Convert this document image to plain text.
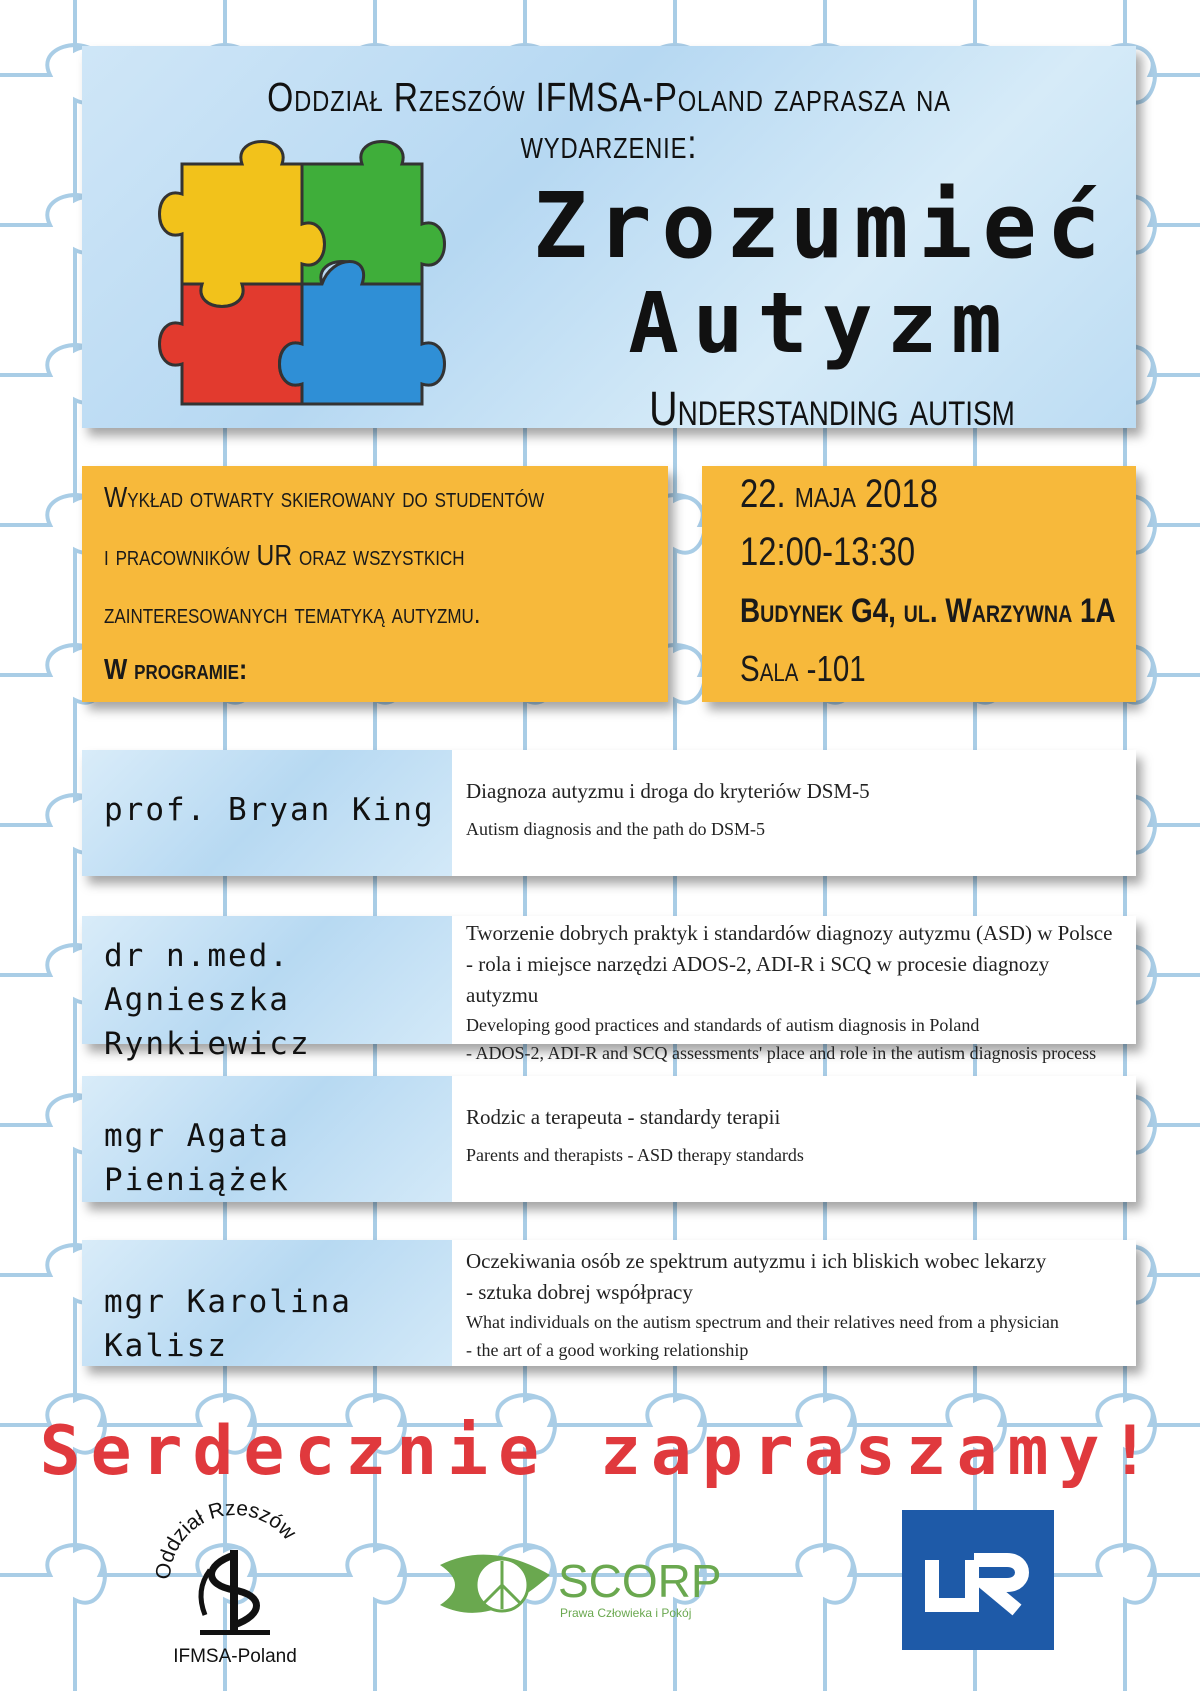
Oddział Rzeszów IFMSA-Poland zaprasza na wydarzenie:
Zrozumieć
Autyzm
Understanding autism
Wykład otwarty skierowany do studentów
i pracowników UR oraz wszystkich
zainteresowanych tematyką autyzmu.
W programie:
22. maja 2018
12:00-13:30
Budynek G4, ul. Warzywna 1A
Sala -101
prof. Bryan King
Diagnoza autyzmu i droga do kryteriów DSM-5
Autism diagnosis and the path do DSM-5
dr n.med.
Agnieszka Rynkiewicz
Tworzenie dobrych praktyk i standardów diagnozy autyzmu (ASD) w Polsce
- rola i miejsce narzędzi ADOS-2, ADI-R i SCQ w procesie diagnozy autyzmu
Developing good practices and standards of autism diagnosis in Poland
- ADOS-2, ADI-R and SCQ assessments' place and role in the autism diagnosis process
mgr Agata Pieniążek
Rodzic a terapeuta - standardy terapii
Parents and therapists - ASD therapy standards
mgr Karolina Kalisz
Oczekiwania osób ze spektrum autyzmu i ich bliskich wobec lekarzy
- sztuka dobrej współpracy
What individuals on the autism spectrum and their relatives need from a physician
- the art of a good working relationship
Serdecznie zapraszamy!
Oddział Rzeszów
IFMSA-Poland
SCORP
Prawa Człowieka i Pokój
